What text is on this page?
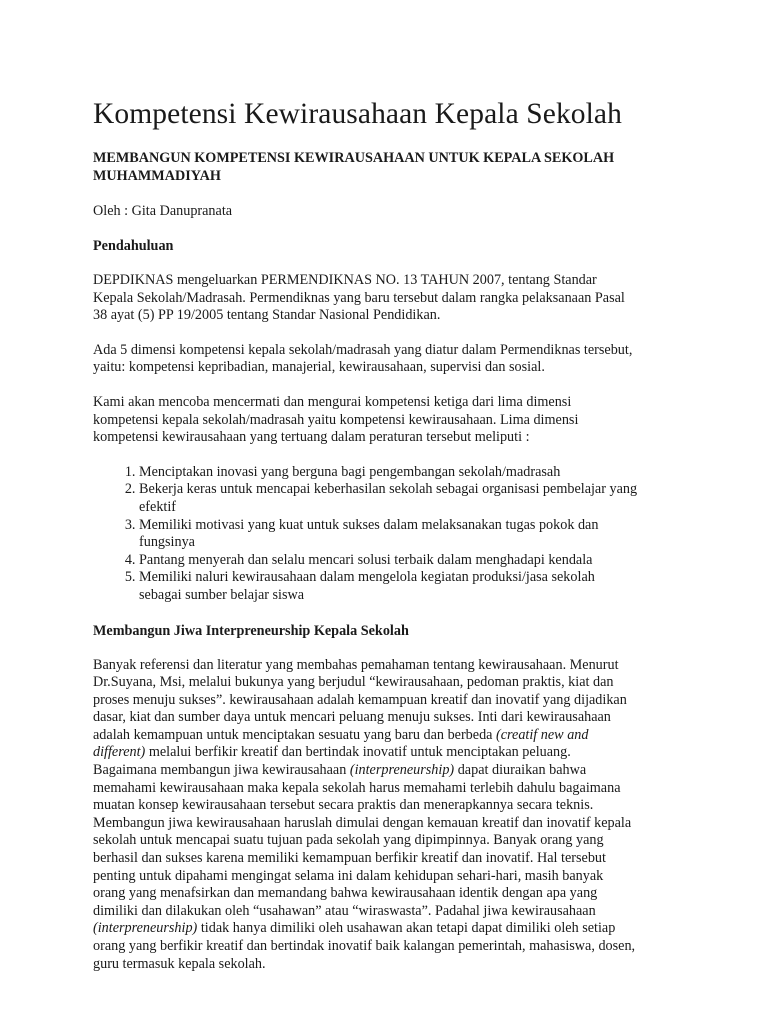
Kompetensi Kewirausahaan Kepala Sekolah
MEMBANGUN KOMPETENSI KEWIRAUSAHAAN UNTUK KEPALA SEKOLAH
MUHAMMADIYAH
Oleh : Gita Danupranata
Pendahuluan

DEPDIKNAS mengeluarkan PERMENDIKNAS NO. 13 TAHUN 2007, tentang Standar
Kepala Sekolah/Madrasah. Permendiknas yang baru tersebut dalam rangka pelaksanaan Pasal
38 ayat (5) PP 19/2005 tentang Standar Nasional Pendidikan.

Ada 5 dimensi kompetensi kepala sekolah/madrasah yang diatur dalam Permendiknas tersebut,
yaitu: kompetensi kepribadian, manajerial, kewirausahaan, supervisi dan sosial.

Kami akan mencoba mencermati dan mengurai kompetensi ketiga dari lima dimensi
kompetensi kepala sekolah/madrasah yaitu kompetensi kewirausahaan. Lima dimensi
kompetensi kewirausahaan yang tertuang dalam peraturan tersebut meliputi :

1. Menciptakan inovasi yang berguna bagi pengembangan sekolah/madrasah
2. Bekerja keras untuk mencapai keberhasilan sekolah sebagai organisasi pembelajar yang
efektif
3. Memiliki motivasi yang kuat untuk sukses dalam melaksanakan tugas pokok dan
fungsinya
4. Pantang menyerah dan selalu mencari solusi terbaik dalam menghadapi kendala
5. Memiliki naluri kewirausahaan dalam mengelola kegiatan produksi/jasa sekolah
sebagai sumber belajar siswa
Membangun Jiwa Interpreneurship Kepala Sekolah

Banyak referensi dan literatur yang membahas pemahaman tentang kewirausahaan. Menurut
Dr.Suyana, Msi, melalui bukunya yang berjudul “kewirausahaan, pedoman praktis, kiat dan
proses menuju sukses”. kewirausahaan adalah kemampuan kreatif dan inovatif yang dijadikan
dasar, kiat dan sumber daya untuk mencari peluang menuju sukses. Inti dari kewirausahaan
adalah kemampuan untuk menciptakan sesuatu yang baru dan berbeda (creatif new and
different) melalui berfikir kreatif dan bertindak inovatif untuk menciptakan peluang.
Bagaimana membangun jiwa kewirausahaan (interpreneurship) dapat diuraikan bahwa
memahami kewirausahaan maka kepala sekolah harus memahami terlebih dahulu bagaimana
muatan konsep kewirausahaan tersebut secara praktis dan menerapkannya secara teknis.
Membangun jiwa kewirausahaan haruslah dimulai dengan kemauan kreatif dan inovatif kepala
sekolah untuk mencapai suatu tujuan pada sekolah yang dipimpinnya. Banyak orang yang
berhasil dan sukses karena memiliki kemampuan berfikir kreatif dan inovatif. Hal tersebut
penting untuk dipahami mengingat selama ini dalam kehidupan sehari-hari, masih banyak
orang yang menafsirkan dan memandang bahwa kewirausahaan identik dengan apa yang
dimiliki dan dilakukan oleh “usahawan” atau “wiraswasta”. Padahal jiwa kewirausahaan
(interpreneurship) tidak hanya dimiliki oleh usahawan akan tetapi dapat dimiliki oleh setiap
orang yang berfikir kreatif dan bertindak inovatif baik kalangan pemerintah, mahasiswa, dosen,
guru termasuk kepala sekolah.
